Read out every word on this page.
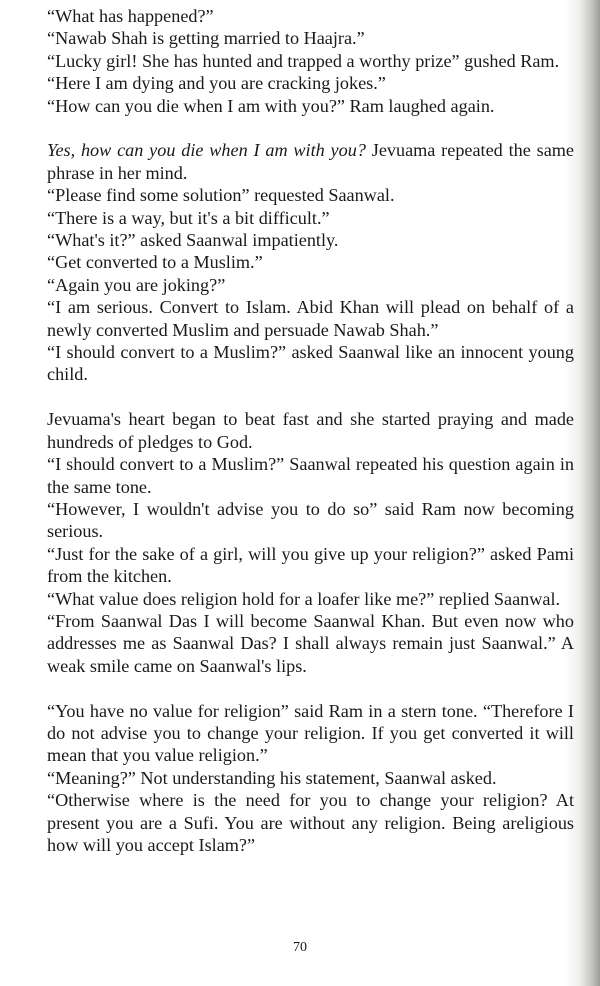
“What has happened?”

“Nawab Shah is getting married to Haajra.”

“Lucky girl! She has hunted and trapped a worthy prize” gushed Ram.

“Here I am dying and you are cracking jokes.”

“How can you die when I am with you?” Ram laughed again.

Yes, how can you die when I am with you? Jevuama repeated the same phrase in her mind.

“Please find some solution” requested Saanwal.

“There is a way, but it's a bit difficult.”

“What's it?” asked Saanwal impatiently.

“Get converted to a Muslim.”

“Again you are joking?”

“I am serious. Convert to Islam. Abid Khan will plead on behalf of a newly converted Muslim and persuade Nawab Shah.”

“I should convert to a Muslim?” asked Saanwal like an innocent young child.

Jevuama's heart began to beat fast and she started praying and made hundreds of pledges to God.

“I should convert to a Muslim?” Saanwal repeated his question again in the same tone.

“However, I wouldn't advise you to do so” said Ram now becoming serious.

“Just for the sake of a girl, will you give up your religion?” asked Pami from the kitchen.

“What value does religion hold for a loafer like me?” replied Saanwal.

“From Saanwal Das I will become Saanwal Khan. But even now who addresses me as Saanwal Das? I shall always remain just Saanwal.” A weak smile came on Saanwal's lips.

“You have no value for religion” said Ram in a stern tone. “Therefore I do not advise you to change your religion. If you get converted it will mean that you value religion.”

“Meaning?” Not understanding his statement, Saanwal asked.

“Otherwise where is the need for you to change your religion? At present you are a Sufi. You are without any religion. Being areligious how will you accept Islam?”

70
